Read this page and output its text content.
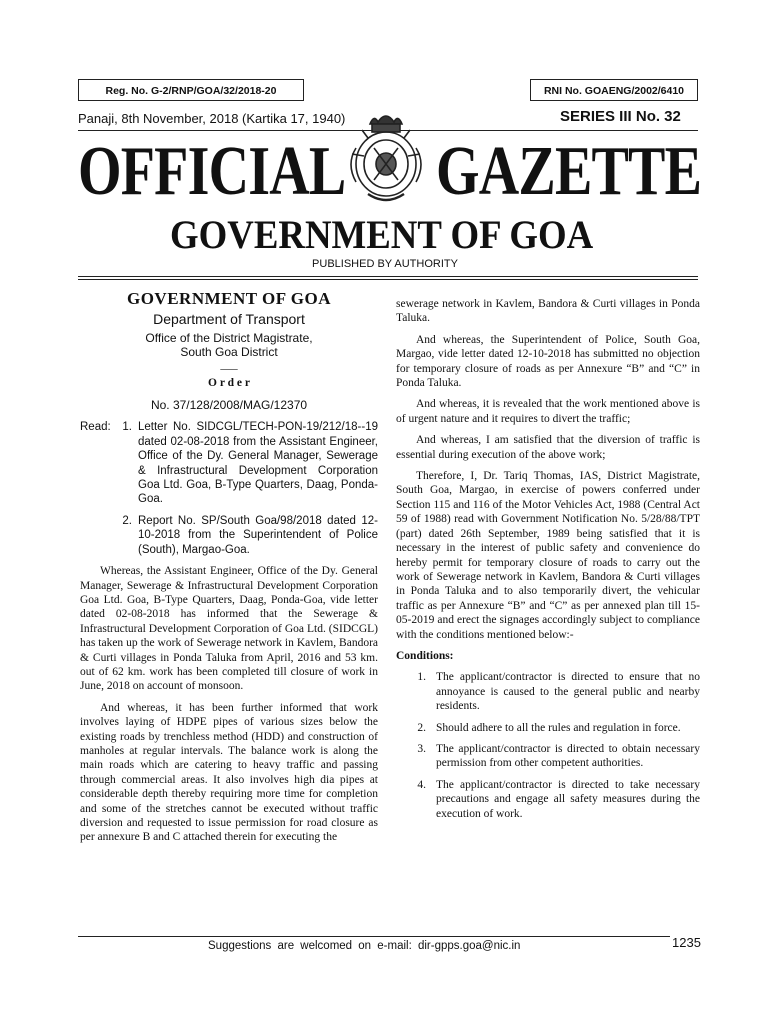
Reg. No. G-2/RNP/GOA/32/2018-20	RNI No. GOAENG/2002/6410
Panaji, 8th November, 2018 (Kartika 17, 1940)	SERIES III No. 32
OFFICIAL GAZETTE
GOVERNMENT OF GOA
PUBLISHED BY AUTHORITY

GOVERNMENT OF GOA

Department of Transport

Office of the District Magistrate,

South Goa District

___

O r d e r

No. 37/128/2008/MAG/12370

Read:	1. Letter No. SIDCGL/TECH-PON-19/212/18--19 dated 02-08-2018 from the Assistant Engineer, Office of the Dy. General Manager, Sewerage & Infrastructural Development Corporation Goa Ltd. Goa, B-Type Quarters, Daag, Ponda-Goa.
2. Report No. SP/South Goa/98/2018 dated 12-10-2018 from the Superintendent of Police (South), Margao-Goa.

Whereas, the Assistant Engineer, Office of the Dy. General Manager, Sewerage & Infrastructural Development Corporation Goa Ltd. Goa, B-Type Quarters, Daag, Ponda-Goa, vide letter dated 02-08-2018 has informed that the Sewerage & Infrastructural Development Corporation of Goa Ltd. (SIDCGL) has taken up the work of Sewerage network in Kavlem, Bandora & Curti villages in Ponda Taluka from April, 2016 and 53 km. out of 62 km. work has been completed till closure of work in June, 2018 on account of monsoon.

And whereas, it has been further informed that work involves laying of HDPE pipes of various sizes below the existing roads by trenchless method (HDD) and construction of manholes at regular intervals. The balance work is along the main roads which are catering to heavy traffic and passing through commercial areas. It also involves high dia pipes at considerable depth thereby requiring more time for completion and some of the stretches cannot be executed without traffic diversion and requested to issue permission for road closure as per annexure B and C attached therein for executing the

sewerage network in Kavlem, Bandora & Curti villages in Ponda Taluka.

And whereas, the Superintendent of Police, South Goa, Margao, vide letter dated 12-10-2018 has submitted no objection for temporary closure of roads as per Annexure “B” and “C” in Ponda Taluka.

And whereas, it is revealed that the work mentioned above is of urgent nature and it requires to divert the traffic;

And whereas, I am satisfied that the diversion of traffic is essential during execution of the above work;

Therefore, I, Dr. Tariq Thomas, IAS, District Magistrate, South Goa, Margao, in exercise of powers conferred under Section 115 and 116 of the Motor Vehicles Act, 1988 (Central Act 59 of 1988) read with Government Notification No. 5/28/88/TPT (part) dated 26th September, 1989 being satisfied that it is necessary in the interest of public safety and convenience do hereby permit for temporary closure of roads to carry out the work of Sewerage network in Kavlem, Bandora & Curti villages in Ponda Taluka and to also temporarily divert, the vehicular traffic as per Annexure “B” and “C” as per annexed plan till 15-05-2019 and erect the signages accordingly subject to compliance with the conditions mentioned below:-

Conditions:

1. The applicant/contractor is directed to ensure that no annoyance is caused to the general public and nearby residents.
2. Should adhere to all the rules and regulation in force.
3. The applicant/contractor is directed to obtain necessary permission from other competent authorities.
4. The applicant/contractor is directed to take necessary precautions and engage all safety measures during the execution of work.
Suggestions are welcomed on e-mail: dir-gpps.goa@nic.in	1235
